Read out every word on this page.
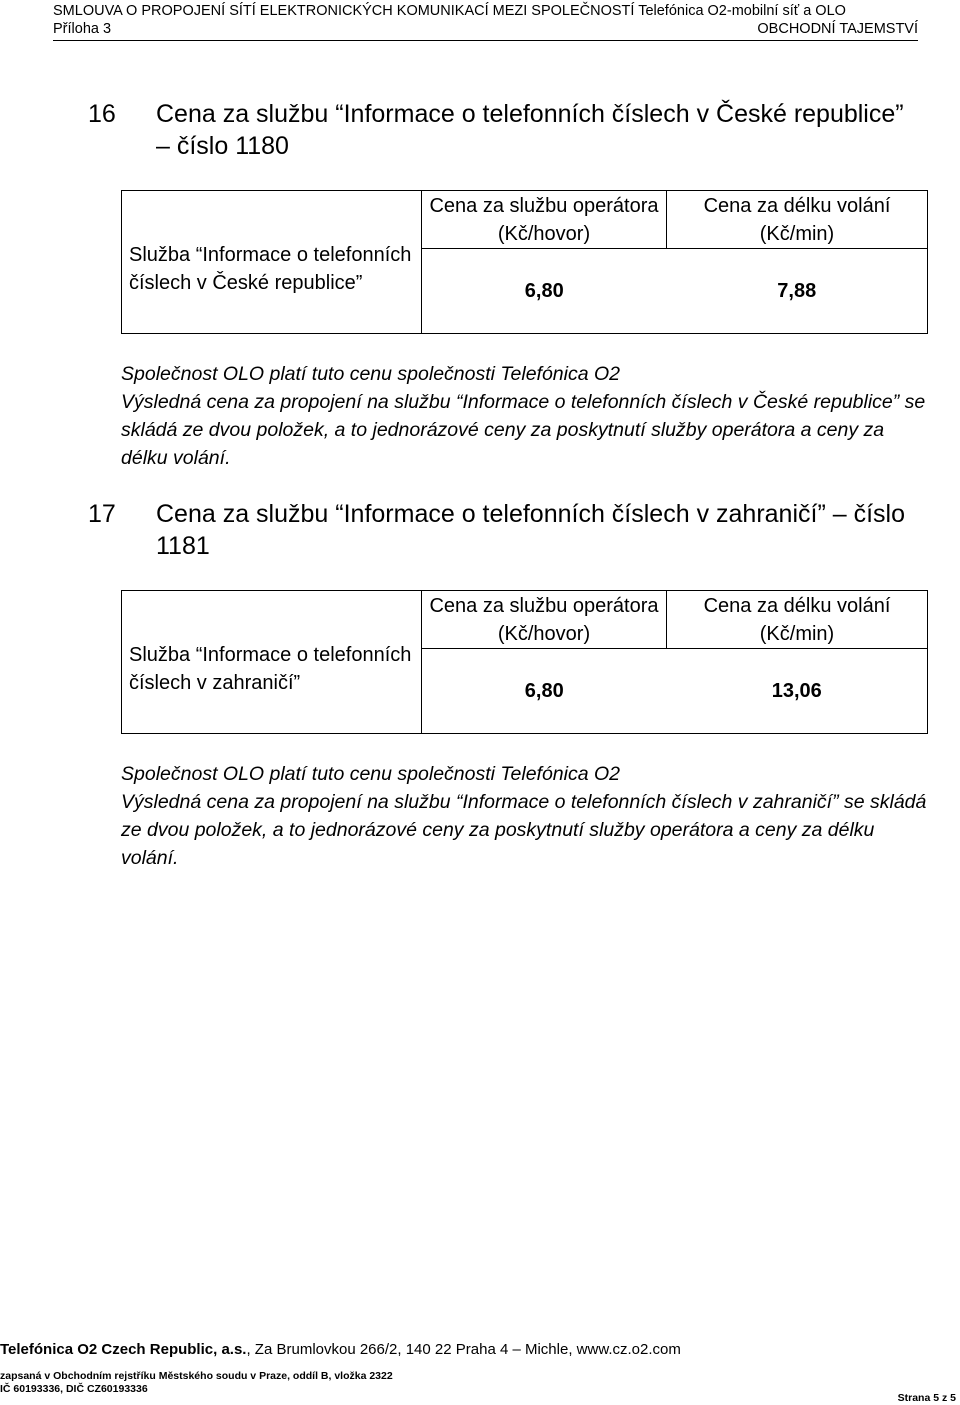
SMLOUVA O PROPOJENÍ SÍTÍ ELEKTRONICKÝCH KOMUNIKACÍ MEZI SPOLEČNOSTÍ Telefónica O2-mobilní síť a OLO
Příloha 3	OBCHODNÍ TAJEMSTVÍ
16 Cena za službu “Informace o telefonních číslech v České republice” – číslo 1180
Služba “Informace o telefonních číslech v České republice”	Cena za službu operátora (Kč/hovor)	Cena za délku volání (Kč/min)
	6,80	7,88
Společnost OLO platí tuto cenu společnosti Telefónica O2
Výsledná cena za propojení na službu “Informace o telefonních číslech v České republice” se skládá ze dvou položek, a to jednorázové ceny za poskytnutí služby operátora a ceny za délku volání.
17 Cena za službu “Informace o telefonních číslech v zahraničí” – číslo 1181
Služba “Informace o telefonních číslech v zahraničí”	Cena za službu operátora (Kč/hovor)	Cena za délku volání (Kč/min)
	6,80	13,06
Společnost OLO platí tuto cenu společnosti Telefónica O2
Výsledná cena za propojení na službu “Informace o telefonních číslech v zahraničí” se skládá ze dvou položek, a to jednorázové ceny za poskytnutí služby operátora a ceny za délku volání.
Telefónica O2 Czech Republic, a.s., Za Brumlovkou 266/2, 140 22 Praha 4 – Michle, www.cz.o2.com
zapsaná v Obchodním rejstříku Městského soudu v Praze, oddíl B, vložka 2322
IČ 60193336, DIČ CZ60193336
Strana 5 z 5
